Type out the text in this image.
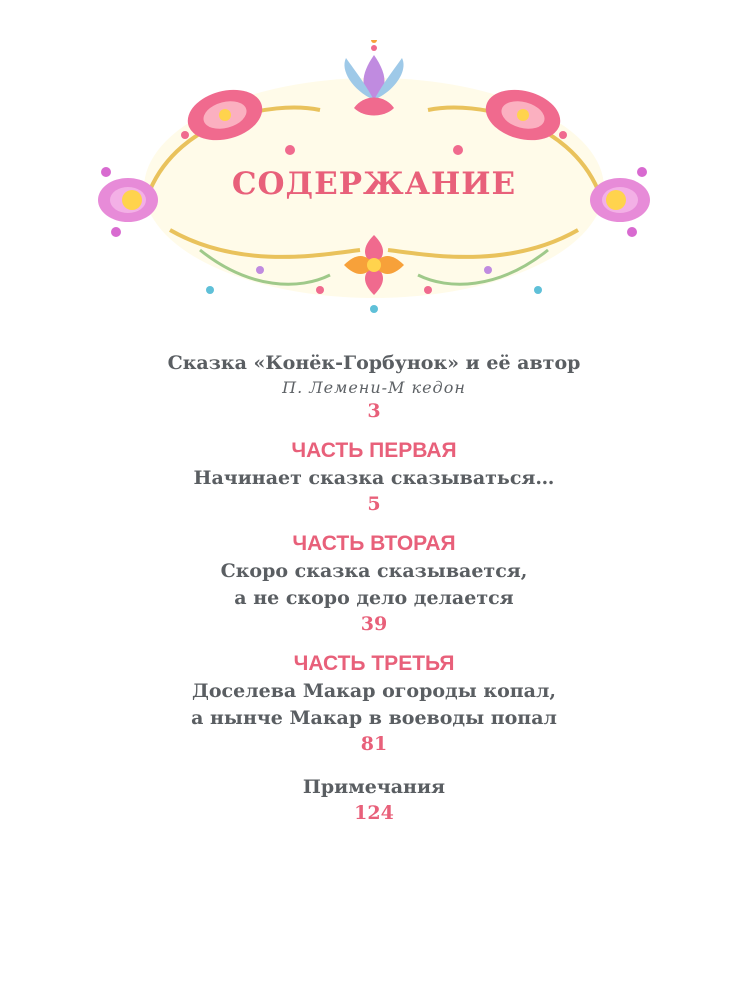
СОДЕРЖАНИЕ
Сказка «Конёк-Горбунок» и её автор
П. Лемени-М кедон
3
ЧАСТЬ ПЕРВАЯ
Начинает сказка сказываться…
5
ЧАСТЬ ВТОРАЯ
Скоро сказка сказывается,
а не скоро дело делается
39
ЧАСТЬ ТРЕТЬЯ
Доселева Макар огороды копал,
а нынче Макар в воеводы попал
81
Примечания
124
